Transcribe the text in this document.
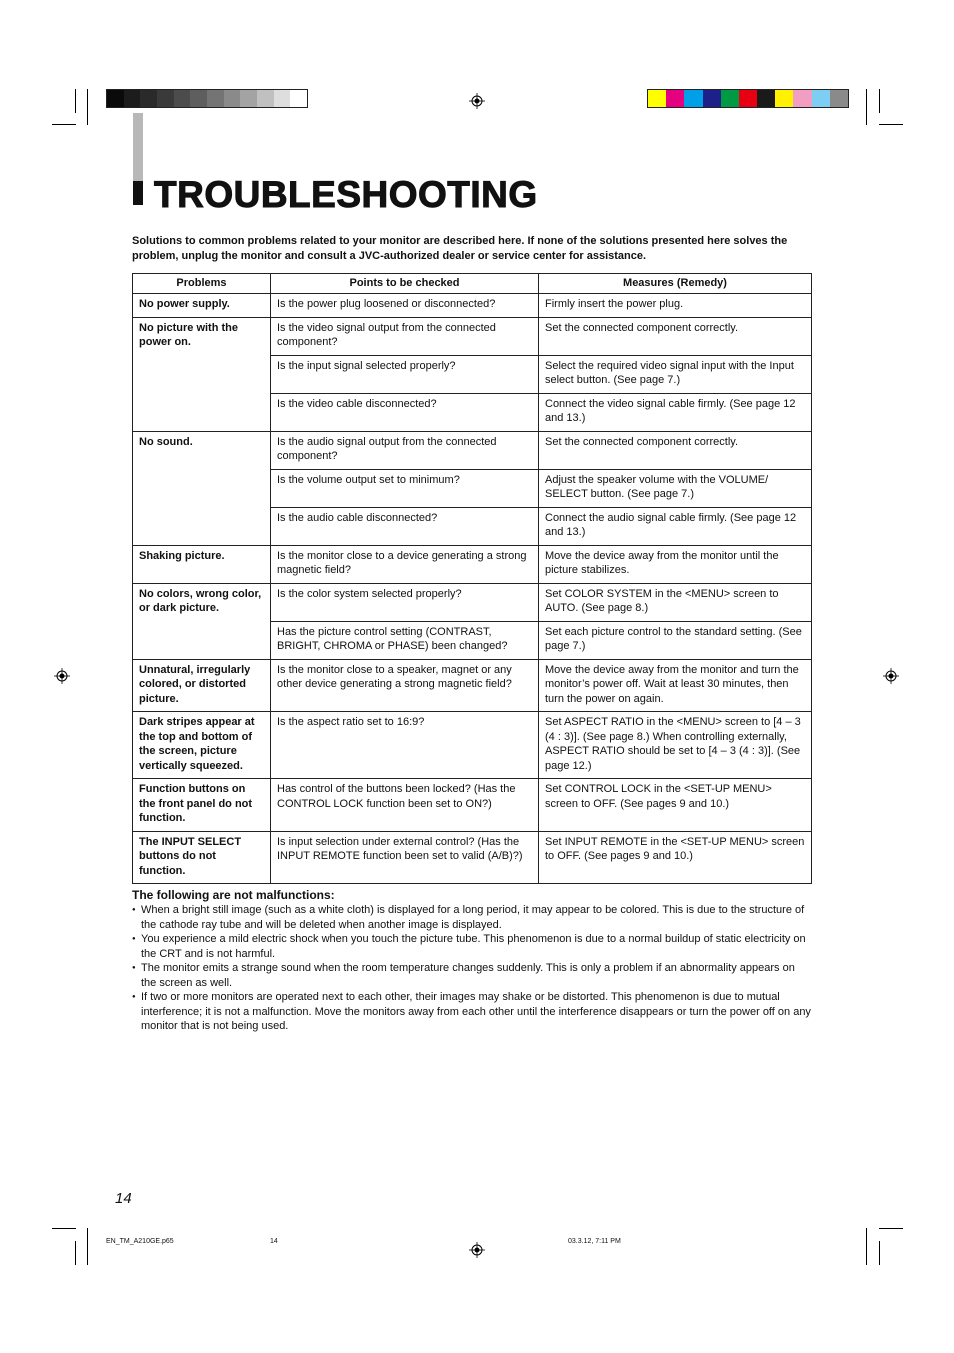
TROUBLESHOOTING
Solutions to common problems related to your monitor are described here. If none of the solutions presented here solves the problem, unplug the monitor and consult a JVC-authorized dealer or service center for assistance.
Problems	Points to be checked	Measures (Remedy)
No power supply.	Is the power plug loosened or disconnected?	Firmly insert the power plug.
No picture with the power on.	Is the video signal output from the connected component?	Set the connected component correctly.
	Is the input signal selected properly?	Select the required video signal input with the Input select button. (See page 7.)
	Is the video cable disconnected?	Connect the video signal cable firmly. (See page 12 and 13.)
No sound.	Is the audio signal output from the connected component?	Set the connected component correctly.
	Is the volume output set to minimum?	Adjust the speaker volume with the VOLUME/ SELECT button. (See page 7.)
	Is the audio cable disconnected?	Connect the audio signal cable firmly. (See page 12 and 13.)
Shaking picture.	Is the monitor close to a device generating a strong magnetic field?	Move the device away from the monitor until the picture stabilizes.
No colors, wrong color, or dark picture.	Is the color system selected properly?	Set COLOR SYSTEM in the <MENU> screen to AUTO. (See page 8.)
	Has the picture control setting (CONTRAST, BRIGHT, CHROMA or PHASE) been changed?	Set each picture control to the standard setting. (See page 7.)
Unnatural, irregularly colored, or distorted picture.	Is the monitor close to a speaker, magnet or any other device generating a strong magnetic field?	Move the device away from the monitor and turn the monitor’s power off. Wait at least 30 minutes, then turn the power on again.
Dark stripes appear at the top and bottom of the screen, picture vertically squeezed.	Is the aspect ratio set to 16:9?	Set ASPECT RATIO in the <MENU> screen to [4 – 3 (4 : 3)]. (See page 8.) When controlling externally, ASPECT RATIO should be set to [4 – 3 (4 : 3)]. (See page 12.)
Function buttons on the front panel do not function.	Has control of the buttons been locked? (Has the CONTROL LOCK function been set to ON?)	Set CONTROL LOCK in the <SET-UP MENU> screen to OFF. (See pages 9 and 10.)
The INPUT SELECT buttons do not function.	Is input selection under external control? (Has the INPUT REMOTE function been set to valid (A/B)?)	Set INPUT REMOTE in the <SET-UP MENU> screen to OFF. (See pages 9 and 10.)
The following are not malfunctions:
● When a bright still image (such as a white cloth) is displayed for a long period, it may appear to be colored. This is due to the structure of the cathode ray tube and will be deleted when another image is displayed.
● You experience a mild electric shock when you touch the picture tube. This phenomenon is due to a normal buildup of static electricity on the CRT and is not harmful.
● The monitor emits a strange sound when the room temperature changes suddenly. This is only a problem if an abnormality appears on the screen as well.
● If two or more monitors are operated next to each other, their images may shake or be distorted. This phenomenon is due to mutual interference; it is not a malfunction. Move the monitors away from each other until the interference disappears or turn the power off on any monitor that is not being used.
14
EN_TM_A210GE.p65	14	03.3.12, 7:11 PM
